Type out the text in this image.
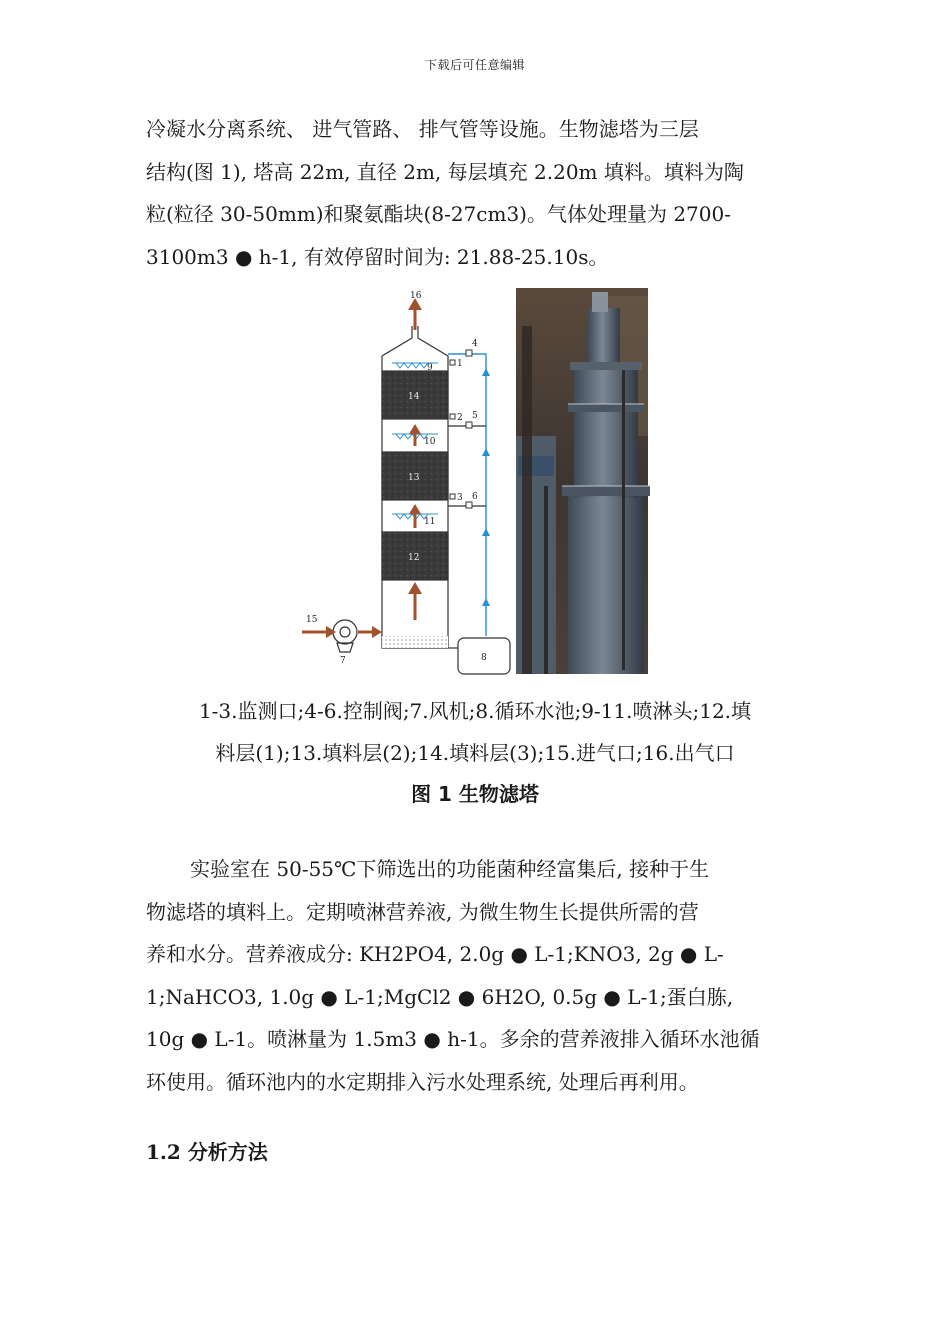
下载后可任意编辑

冷凝水分离系统、 进气管路、 排气管等设施。生物滤塔为三层
结构(图 1), 塔高 22m, 直径 2m, 每层填充 2.20m 填料。填料为陶
粒(粒径 30-50mm)和聚氨酯块(8-27cm3)。气体处理量为 2700-
3100m3 ● h-1, 有效停留时间为: 21.88-25.10s。

16
4
1
9
14
5
2
10
13
6
3
11
12
15
7	8

1-3.监测口;4-6.控制阀;7.风机;8.循环水池;9-11.喷淋头;12.填
料层(1);13.填料层(2);14.填料层(3);15.进气口;16.出气口

图 1 生物滤塔

实验室在 50-55℃下筛选出的功能菌种经富集后, 接种于生
物滤塔的填料上。定期喷淋营养液, 为微生物生长提供所需的营
养和水分。营养液成分: KH2PO4, 2.0g ● L-1;KNO3, 2g ● L-
1;NaHCO3, 1.0g ● L-1;MgCl2 ● 6H2O, 0.5g ● L-1;蛋白胨,
10g ● L-1。喷淋量为 1.5m3 ● h-1。多余的营养液排入循环水池循
环使用。循环池内的水定期排入污水处理系统, 处理后再利用。

1.2 分析方法
